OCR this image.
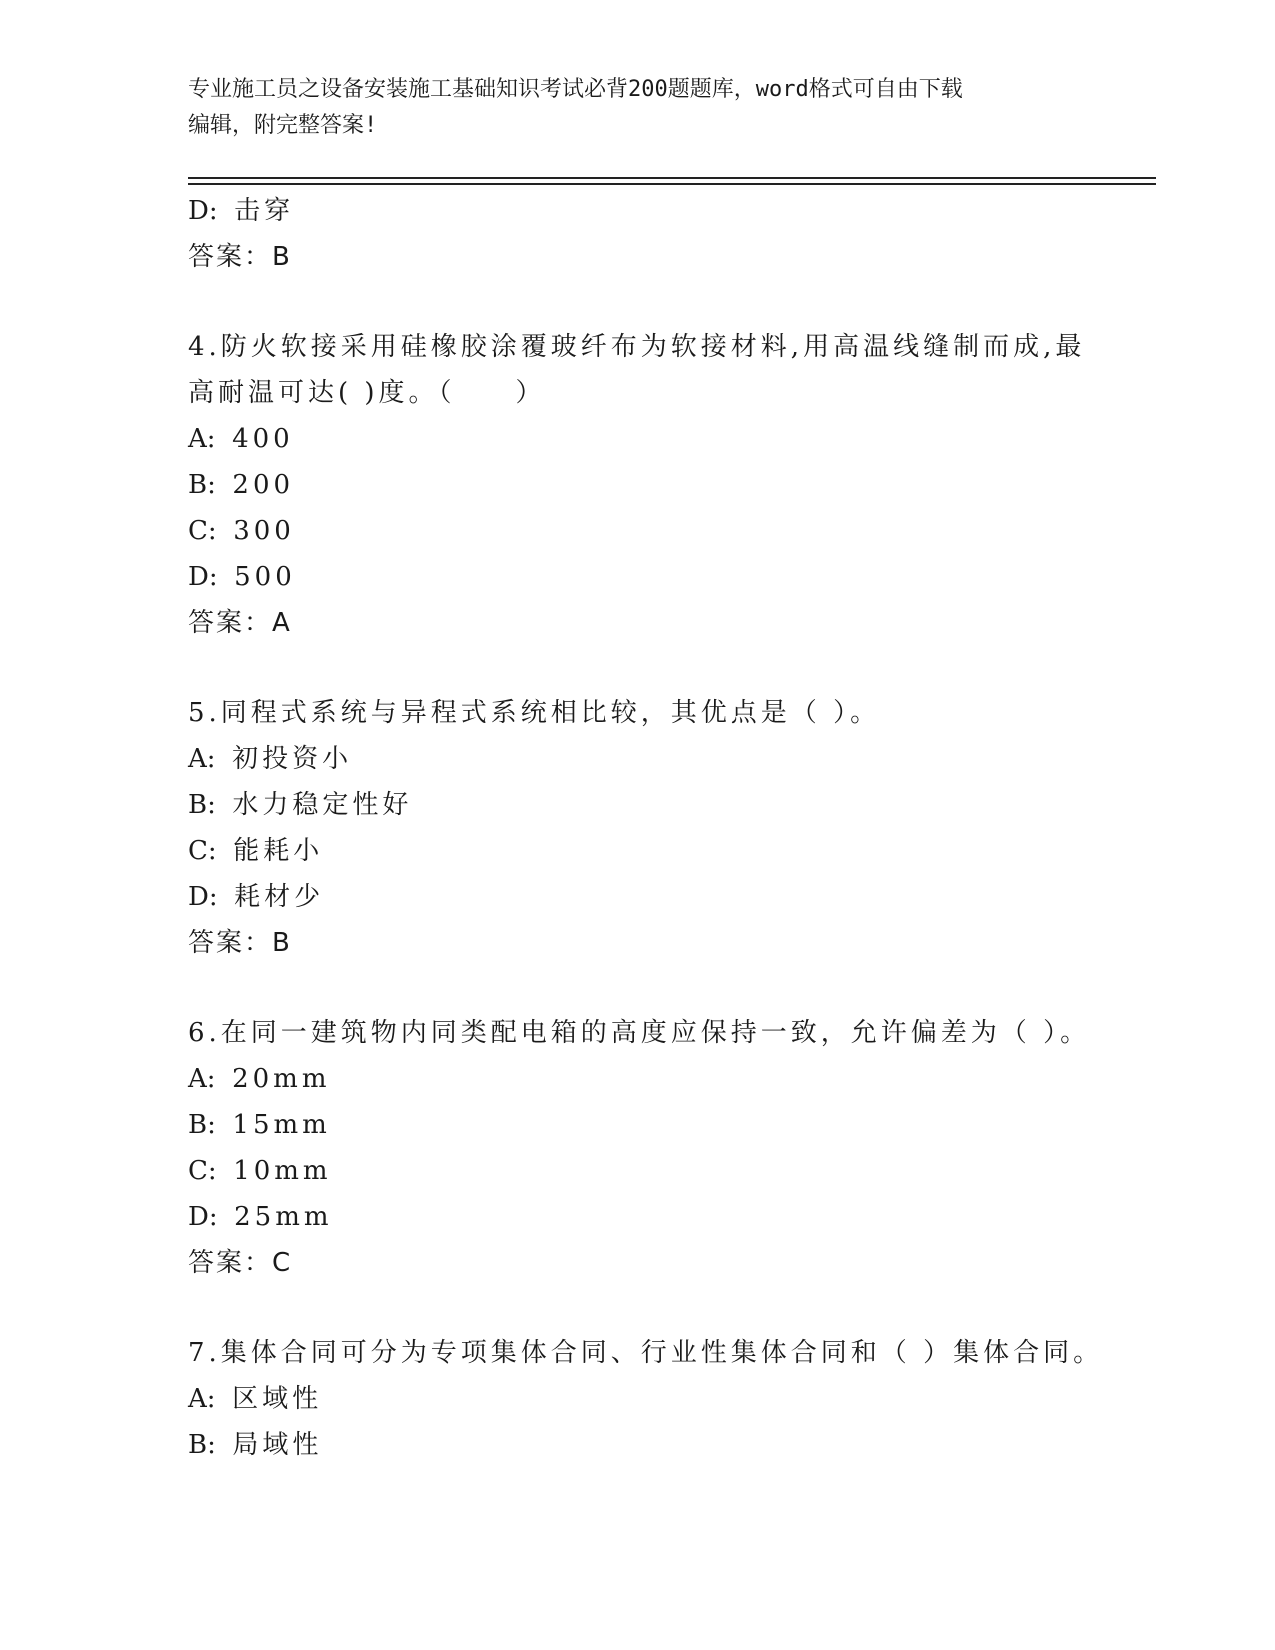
专业施工员之设备安装施工基础知识考试必背200题题库，word格式可自由下载
编辑，附完整答案!
D: 击穿
答案：B
4.防火软接采用硅橡胶涂覆玻纤布为软接材料,用高温线缝制而成,最
高耐温可达( )度。（　　）
A: 400
B: 200
C: 300
D: 500
答案：A
5.同程式系统与异程式系统相比较，其优点是（ ）。
A: 初投资小
B: 水力稳定性好
C: 能耗小
D: 耗材少
答案：B
6.在同一建筑物内同类配电箱的高度应保持一致，允许偏差为（ ）。
A: 20mm
B: 15mm
C: 10mm
D: 25mm
答案：C
7.集体合同可分为专项集体合同、行业性集体合同和（ ）集体合同。
A: 区域性
B: 局域性
